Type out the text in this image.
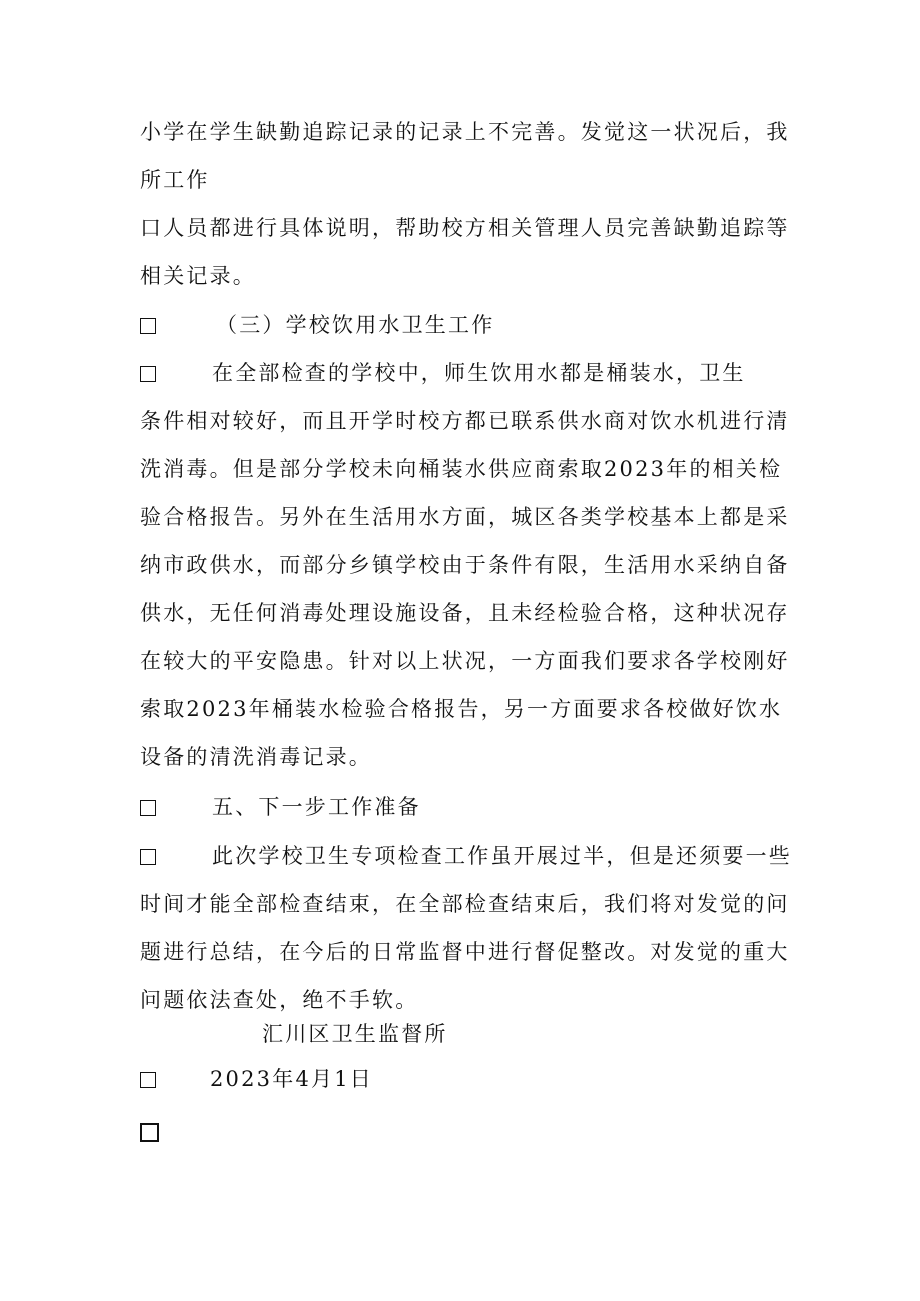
小学在学生缺勤追踪记录的记录上不完善。发觉这一状况后，我
所工作
口人员都进行具体说明，帮助校方相关管理人员完善缺勤追踪等
相关记录。
（三）学校饮用水卫生工作
在全部检查的学校中，师生饮用水都是桶装水，卫生
条件相对较好，而且开学时校方都已联系供水商对饮水机进行清
洗消毒。但是部分学校未向桶装水供应商索取2023年的相关检
验合格报告。另外在生活用水方面，城区各类学校基本上都是采
纳市政供水，而部分乡镇学校由于条件有限，生活用水采纳自备
供水，无任何消毒处理设施设备，且未经检验合格，这种状况存
在较大的平安隐患。针对以上状况，一方面我们要求各学校刚好
索取2023年桶装水检验合格报告，另一方面要求各校做好饮水
设备的清洗消毒记录。
五、下一步工作准备
此次学校卫生专项检查工作虽开展过半，但是还须要一些
时间才能全部检查结束，在全部检查结束后，我们将对发觉的问
题进行总结，在今后的日常监督中进行督促整改。对发觉的重大
问题依法查处，绝不手软。
汇川区卫生监督所
2023年4月1日
